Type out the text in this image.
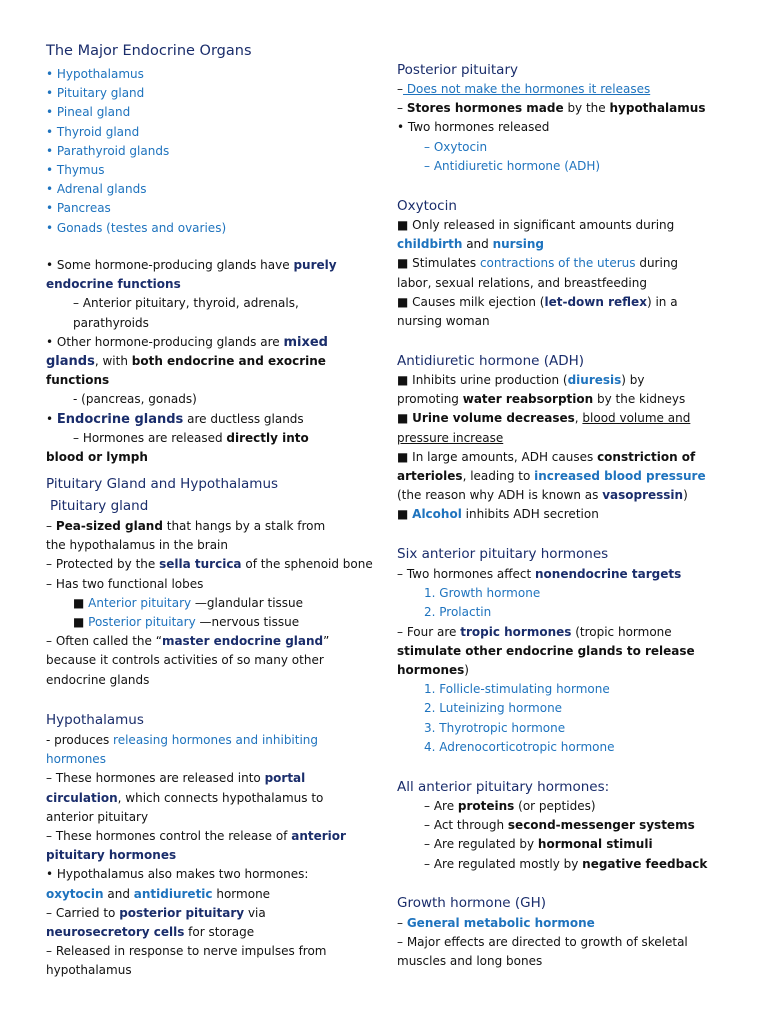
The Major Endocrine Organs
• Hypothalamus
• Pituitary gland
• Pineal gland
• Thyroid gland
• Parathyroid glands
• Thymus
• Adrenal glands
• Pancreas
• Gonads (testes and ovaries)

• Some hormone-producing glands have purely endocrine functions

– Anterior pituitary, thyroid, adrenals, parathyroids

• Other hormone-producing glands are mixed glands, with both endocrine and exocrine functions

- (pancreas, gonads)

• Endocrine glands are ductless glands

– Hormones are released directly into blood or lymph

Pituitary Gland and Hypothalamus
Pituitary gland

– Pea-sized gland that hangs by a stalk from the hypothalamus in the brain

– Protected by the sella turcica of the sphenoid bone

– Has two functional lobes

■ Anterior pituitary —glandular tissue

■ Posterior pituitary —nervous tissue

– Often called the “master endocrine gland” because it controls activities of so many other endocrine glands

Hypothalamus

- produces releasing hormones and inhibiting hormones

– These hormones are released into portal circulation, which connects hypothalamus to anterior pituitary

– These hormones control the release of anterior pituitary hormones

• Hypothalamus also makes two hormones: oxytocin and antidiuretic hormone

– Carried to posterior pituitary via neurosecretory cells for storage

– Released in response to nerve impulses from hypothalamus

Posterior pituitary

– Does not make the hormones it releases

– Stores hormones made by the hypothalamus

• Two hormones released

– Oxytocin

– Antidiuretic hormone (ADH)

Oxytocin

■ Only released in significant amounts during childbirth and nursing

■ Stimulates contractions of the uterus during labor, sexual relations, and breastfeeding

■ Causes milk ejection (let-down reflex) in a nursing woman

Antidiuretic hormone (ADH)

■ Inhibits urine production (diuresis) by promoting water reabsorption by the kidneys

■ Urine volume decreases, blood volume and pressure increase

■ In large amounts, ADH causes constriction of arterioles, leading to increased blood pressure (the reason why ADH is known as vasopressin)

■ Alcohol inhibits ADH secretion

Six anterior pituitary hormones

– Two hormones affect nonendocrine targets

1. Growth hormone

2. Prolactin

– Four are tropic hormones (tropic hormone stimulate other endocrine glands to release hormones)

1. Follicle-stimulating hormone

2. Luteinizing hormone

3. Thyrotropic hormone

4. Adrenocorticotropic hormone

All anterior pituitary hormones:

– Are proteins (or peptides)

– Act through second-messenger systems

– Are regulated by hormonal stimuli

– Are regulated mostly by negative feedback

Growth hormone (GH)

– General metabolic hormone

– Major effects are directed to growth of skeletal muscles and long bones
